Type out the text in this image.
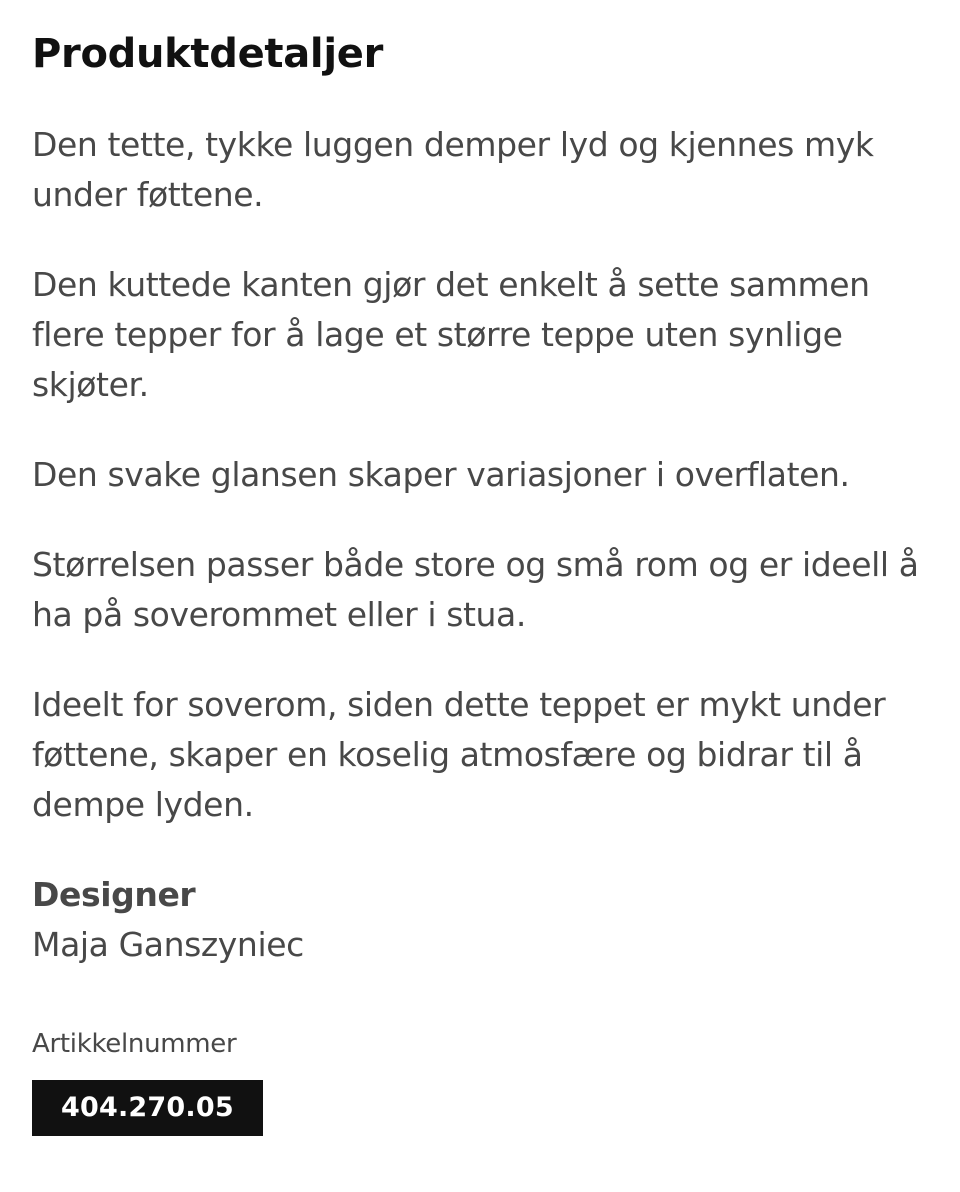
Produktdetaljer

Den tette, tykke luggen demper lyd og kjennes myk under føttene.

Den kuttede kanten gjør det enkelt å sette sammen flere tepper for å lage et større teppe uten synlige skjøter.

Den svake glansen skaper variasjoner i overflaten.

Størrelsen passer både store og små rom og er ideell å ha på soverommet eller i stua.

Ideelt for soverom, siden dette teppet er mykt under føttene, skaper en koselig atmosfære og bidrar til å dempe lyden.

Designer

Maja Ganszyniec

Artikkelnummer

404.270.05
